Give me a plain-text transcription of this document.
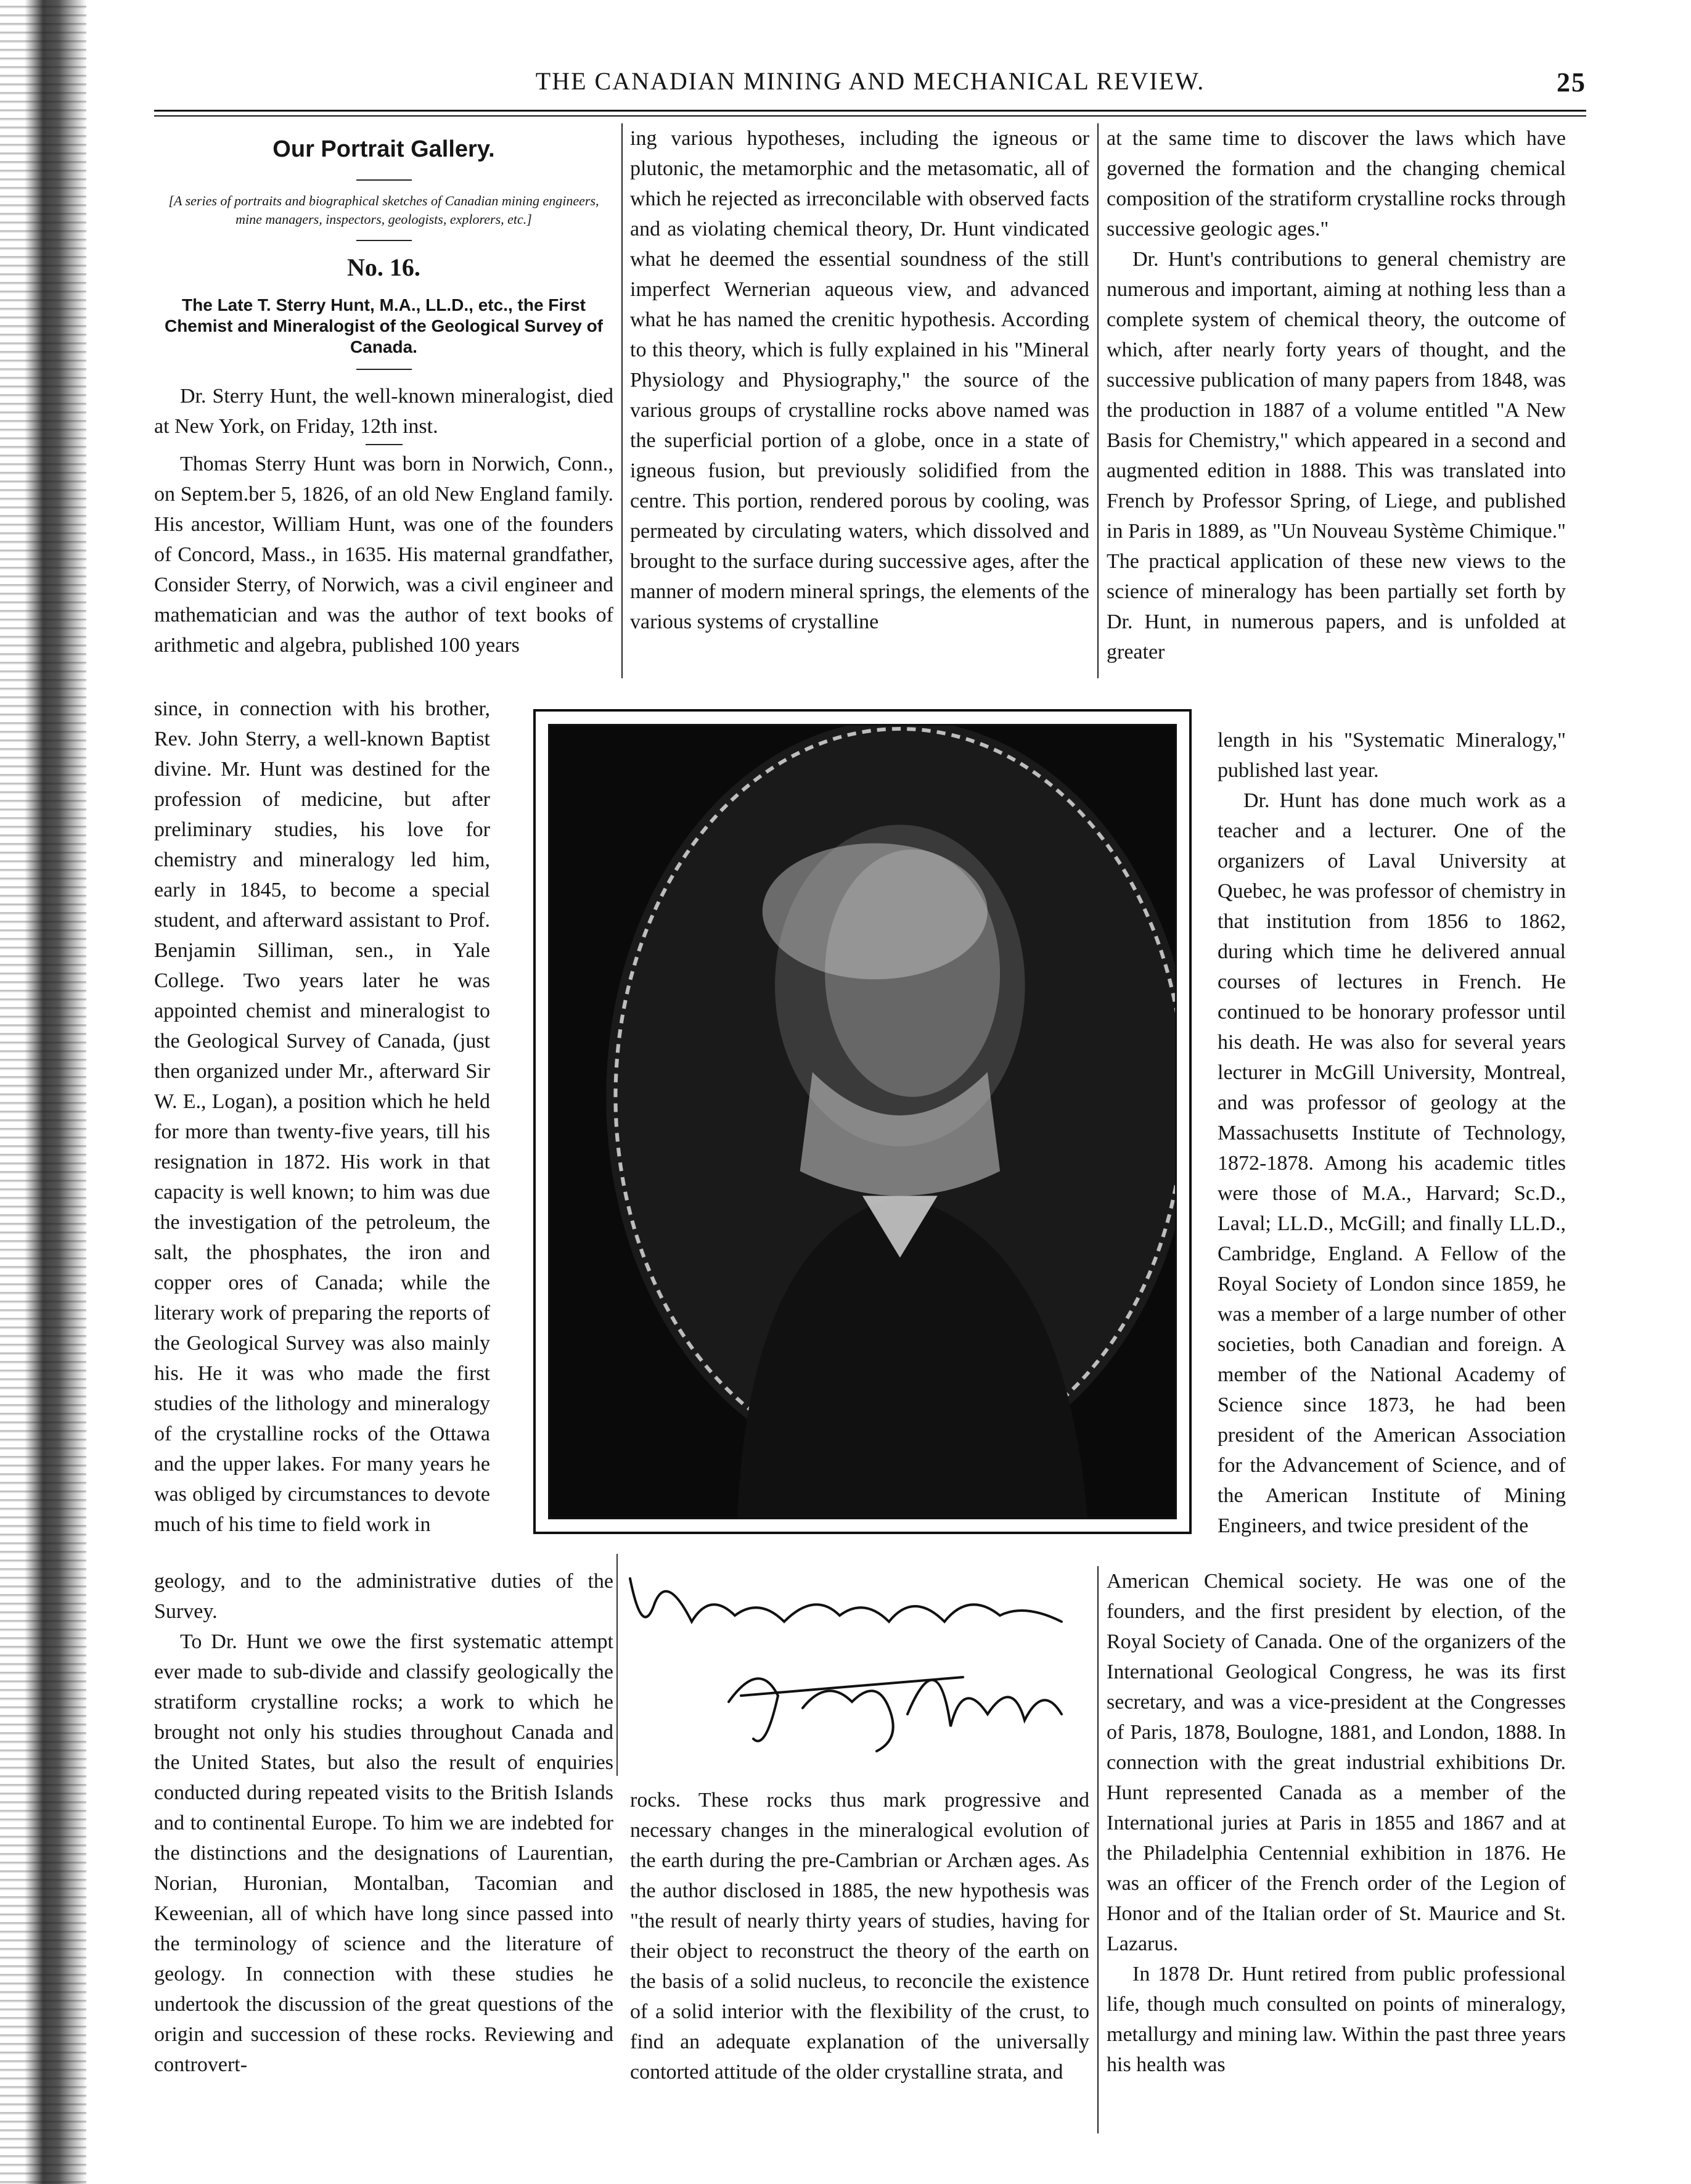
THE CANADIAN MINING AND MECHANICAL REVIEW.	25
Our Portrait Gallery.
[A series of portraits and biographical sketches of Canadian mining engineers, mine managers, inspectors, geologists, explorers, etc.]
No. 16.
The Late T. Sterry Hunt, M.A., LL.D., etc., the First Chemist and Mineralogist of the Geological Survey of Canada.

Dr. Sterry Hunt, the well-known mineralogist, died at New York, on Friday, 12th inst.

Thomas Sterry Hunt was born in Norwich, Conn., on Septem.ber 5, 1826, of an old New England family. His ancestor, William Hunt, was one of the founders of Concord, Mass., in 1635. His maternal grandfather, Consider Sterry, of Norwich, was a civil engineer and mathematician and was the author of text books of arithmetic and algebra, published 100 years

ing various hypotheses, including the igneous or plutonic, the metamorphic and the metasomatic, all of which he rejected as irreconcilable with observed facts and as violating chemical theory, Dr. Hunt vindicated what he deemed the essential soundness of the still imperfect Wernerian aqueous view, and advanced what he has named the crenitic hypothesis. According to this theory, which is fully explained in his "Mineral Physiology and Physiography," the source of the various groups of crystalline rocks above named was the superficial portion of a globe, once in a state of igneous fusion, but previously solidified from the centre. This portion, rendered porous by cooling, was permeated by circulating waters, which dissolved and brought to the surface during successive ages, after the manner of modern mineral springs, the elements of the various systems of crystalline

at the same time to discover the laws which have governed the formation and the changing chemical composition of the stratiform crystalline rocks through successive geologic ages."

Dr. Hunt's contributions to general chemistry are numerous and important, aiming at nothing less than a complete system of chemical theory, the outcome of which, after nearly forty years of thought, and the successive publication of many papers from 1848, was the production in 1887 of a volume entitled "A New Basis for Chemistry," which appeared in a second and augmented edition in 1888. This was translated into French by Professor Spring, of Liege, and published in Paris in 1889, as "Un Nouveau Système Chimique." The practical application of these new views to the science of mineralogy has been partially set forth by Dr. Hunt, in numerous papers, and is unfolded at greater

since, in connection with his brother, Rev. John Sterry, a well-known Baptist divine. Mr. Hunt was destined for the profession of medicine, but after preliminary studies, his love for chemistry and mineralogy led him, early in 1845, to become a special student, and afterward assistant to Prof. Benjamin Silliman, sen., in Yale College. Two years later he was appointed chemist and mineralogist to the Geological Survey of Canada, (just then organized under Mr., afterward Sir W. E., Logan), a position which he held for more than twenty-five years, till his resignation in 1872. His work in that capacity is well known; to him was due the investigation of the petroleum, the salt, the phosphates, the iron and copper ores of Canada; while the literary work of preparing the reports of the Geological Survey was also mainly his. He it was who made the first studies of the lithology and mineralogy of the crystalline rocks of the Ottawa and the upper lakes. For many years he was obliged by circumstances to devote much of his time to field work in

length in his "Systematic Mineralogy," published last year.

Dr. Hunt has done much work as a teacher and a lecturer. One of the organizers of Laval University at Quebec, he was professor of chemistry in that institution from 1856 to 1862, during which time he delivered annual courses of lectures in French. He continued to be honorary professor until his death. He was also for several years lecturer in McGill University, Montreal, and was professor of geology at the Massachusetts Institute of Technology, 1872-1878. Among his academic titles were those of M.A., Harvard; Sc.D., Laval; LL.D., McGill; and finally LL.D., Cambridge, England. A Fellow of the Royal Society of London since 1859, he was a member of a large number of other societies, both Canadian and foreign. A member of the National Academy of Science since 1873, he had been president of the American Association for the Advancement of Science, and of the American Institute of Mining Engineers, and twice president of the

geology, and to the administrative duties of the Survey.

To Dr. Hunt we owe the first systematic attempt ever made to sub-divide and classify geologically the stratiform crystalline rocks; a work to which he brought not only his studies throughout Canada and the United States, but also the result of enquiries conducted during repeated visits to the British Islands and to continental Europe. To him we are indebted for the distinctions and the designations of Laurentian, Norian, Huronian, Montalban, Tacomian and Keweenian, all of which have long since passed into the terminology of science and the literature of geology. In connection with these studies he undertook the discussion of the great questions of the origin and succession of these rocks. Reviewing and controvert-

rocks. These rocks thus mark progressive and necessary changes in the mineralogical evolution of the earth during the pre-Cambrian or Archæn ages. As the author disclosed in 1885, the new hypothesis was "the result of nearly thirty years of studies, having for their object to reconstruct the theory of the earth on the basis of a solid nucleus, to reconcile the existence of a solid interior with the flexibility of the crust, to find an adequate explanation of the universally contorted attitude of the older crystalline strata, and

American Chemical society. He was one of the founders, and the first president by election, of the Royal Society of Canada. One of the organizers of the International Geological Congress, he was its first secretary, and was a vice-president at the Congresses of Paris, 1878, Boulogne, 1881, and London, 1888. In connection with the great industrial exhibitions Dr. Hunt represented Canada as a member of the International juries at Paris in 1855 and 1867 and at the Philadelphia Centennial exhibition in 1876. He was an officer of the French order of the Legion of Honor and of the Italian order of St. Maurice and St. Lazarus.

In 1878 Dr. Hunt retired from public professional life, though much consulted on points of mineralogy, metallurgy and mining law. Within the past three years his health was
